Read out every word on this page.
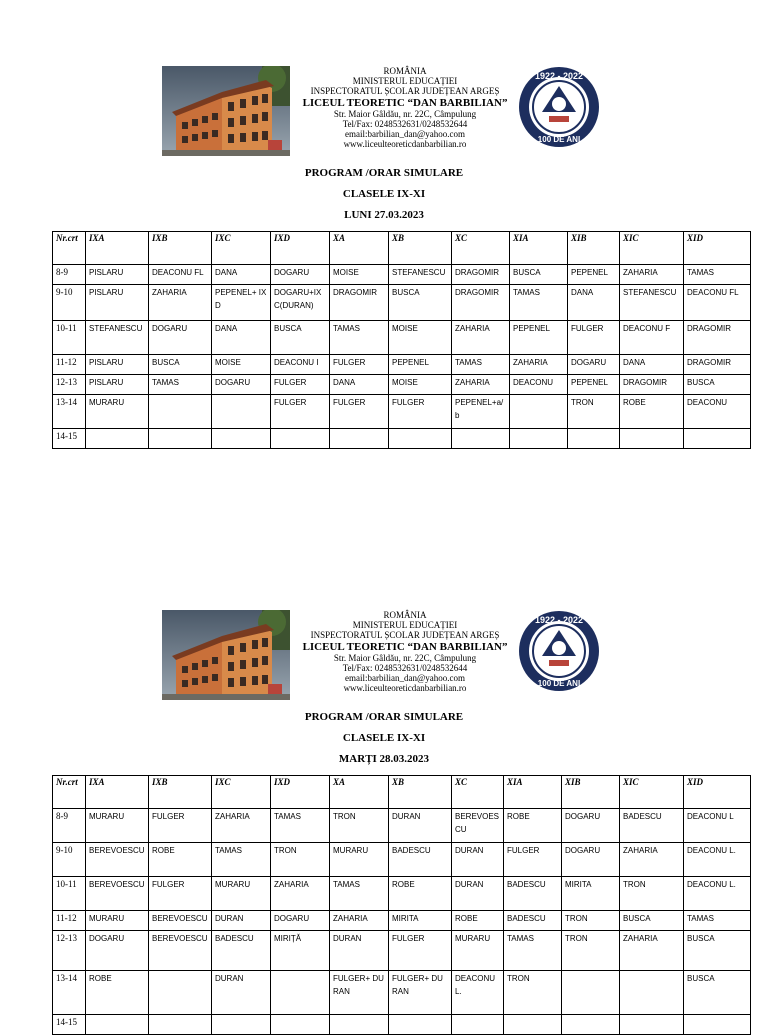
ROMÂNIA
MINISTERUL EDUCAȚIEI
INSPECTORATUL ȘCOLAR JUDEȚEAN ARGEȘ
LICEUL TEORETIC “DAN BARBILIAN”
Str. Maior Gâldău, nr. 22C, Câmpulung
Tel/Fax: 0248532631/0248532644
email:barbilian_dan@yahoo.com
www.liceulteoreticdanbarbilian.ro
1922 - 2022
100 DE ANI
PROGRAM /ORAR SIMULARE
CLASELE IX-XI
LUNI 27.03.2023
Nr.crt	IXA	IXB	IXC	IXD	XA	XB	XC	XIA	XIB	XIC	XID
8-9	PISLARU	DEACONU FL	DANA	DOGARU	MOISE	STEFANESCU	DRAGOMIR	BUSCA	PEPENEL	ZAHARIA	TAMAS
9-10	PISLARU	ZAHARIA	PEPENEL+ IXD	DOGARU+IXC(DURAN)	DRAGOMIR	BUSCA	DRAGOMIR	TAMAS	DANA	STEFANESCU	DEACONU FL
10-11	STEFANESCU	DOGARU	DANA	BUSCA	TAMAS	MOISE	ZAHARIA	PEPENEL	FULGER	DEACONU F	DRAGOMIR
11-12	PISLARU	BUSCA	MOISE	DEACONU I	FULGER	PEPENEL	TAMAS	ZAHARIA	DOGARU	DANA	DRAGOMIR
12-13	PISLARU	TAMAS	DOGARU	FULGER	DANA	MOISE	ZAHARIA	DEACONU	PEPENEL	DRAGOMIR	BUSCA
13-14	MURARU			FULGER	FULGER	FULGER	PEPENEL+a/b		TRON	ROBE	DEACONU
14-15											
ROMÂNIA
MINISTERUL EDUCAȚIEI
INSPECTORATUL ȘCOLAR JUDEȚEAN ARGEȘ
LICEUL TEORETIC “DAN BARBILIAN”
Str. Maior Gâldău, nr. 22C, Câmpulung
Tel/Fax: 0248532631/0248532644
email:barbilian_dan@yahoo.com
www.liceulteoreticdanbarbilian.ro
1922 - 2022
100 DE ANI
PROGRAM /ORAR SIMULARE
CLASELE IX-XI
MARȚI 28.03.2023
Nr.crt	IXA	IXB	IXC	IXD	XA	XB	XC	XIA	XIB	XIC	XID
8-9	MURARU	FULGER	ZAHARIA	TAMAS	TRON	DURAN	BEREVOESCU	ROBE	DOGARU	BADESCU	DEACONU L
9-10	BEREVOESCU	ROBE	TAMAS	TRON	MURARU	BADESCU	DURAN	FULGER	DOGARU	ZAHARIA	DEACONU L.
10-11	BEREVOESCU	FULGER	MURARU	ZAHARIA	TAMAS	ROBE	DURAN	BADESCU	MIRITA	TRON	DEACONU L.
11-12	MURARU	BEREVOESCU	DURAN	DOGARU	ZAHARIA	MIRITA	ROBE	BADESCU	TRON	BUSCA	TAMAS
12-13	DOGARU	BEREVOESCU	BADESCU	MIRIȚĂ	DURAN	FULGER	MURARU	TAMAS	TRON	ZAHARIA	BUSCA
13-14	ROBE		DURAN		FULGER+ DURAN	FULGER+ DURAN	DEACONU L.	TRON			BUSCA
14-15											
